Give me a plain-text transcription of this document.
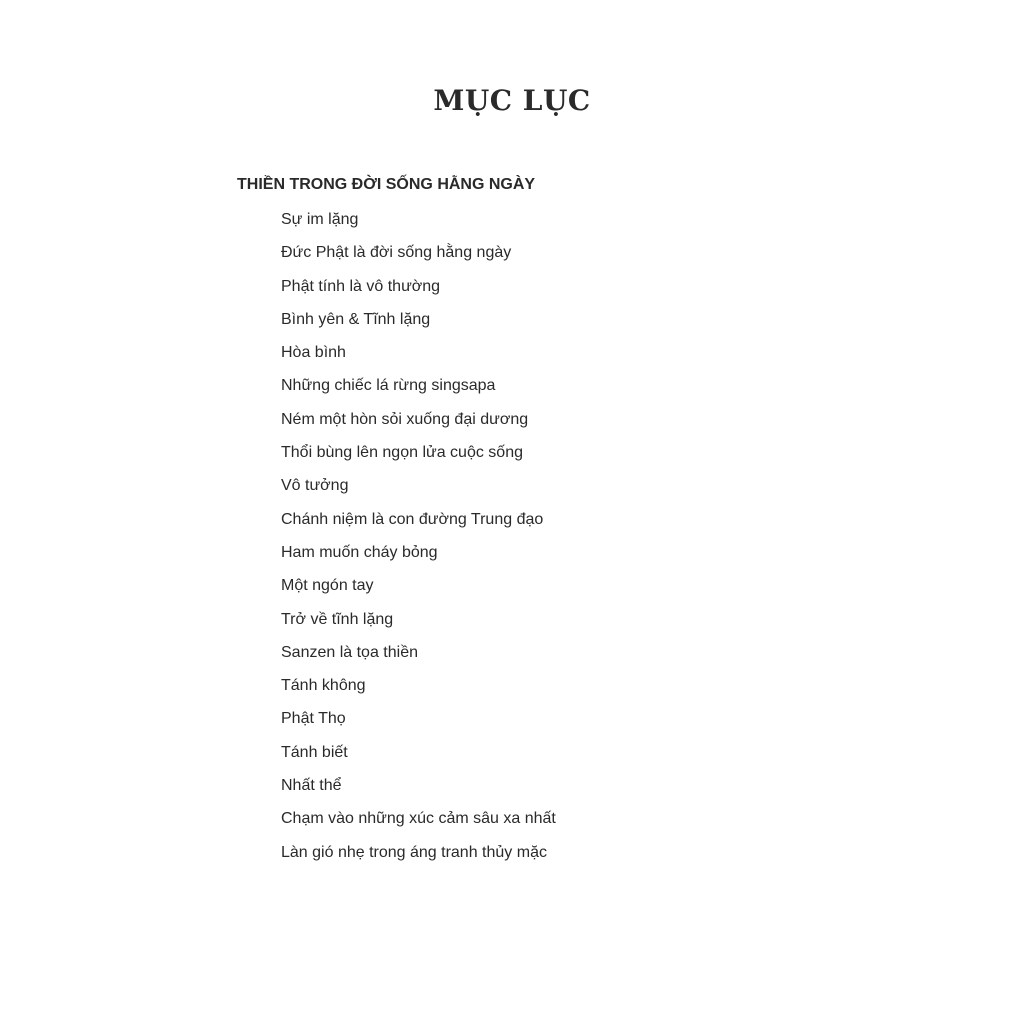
MỤC LỤC
THIỀN TRONG ĐỜI SỐNG HẰNG NGÀY
Sự im lặng
Đức Phật là đời sống hằng ngày
Phật tính là vô thường
Bình yên & Tĩnh lặng
Hòa bình
Những chiếc lá rừng singsapa
Ném một hòn sỏi xuống đại dương
Thổi bùng lên ngọn lửa cuộc sống
Vô tưởng
Chánh niệm là con đường Trung đạo
Ham muốn cháy bỏng
Một ngón tay
Trở về tĩnh lặng
Sanzen là tọa thiền
Tánh không
Phật Thọ
Tánh biết
Nhất thể
Chạm vào những xúc cảm sâu xa nhất
Làn gió nhẹ trong áng tranh thủy mặc
